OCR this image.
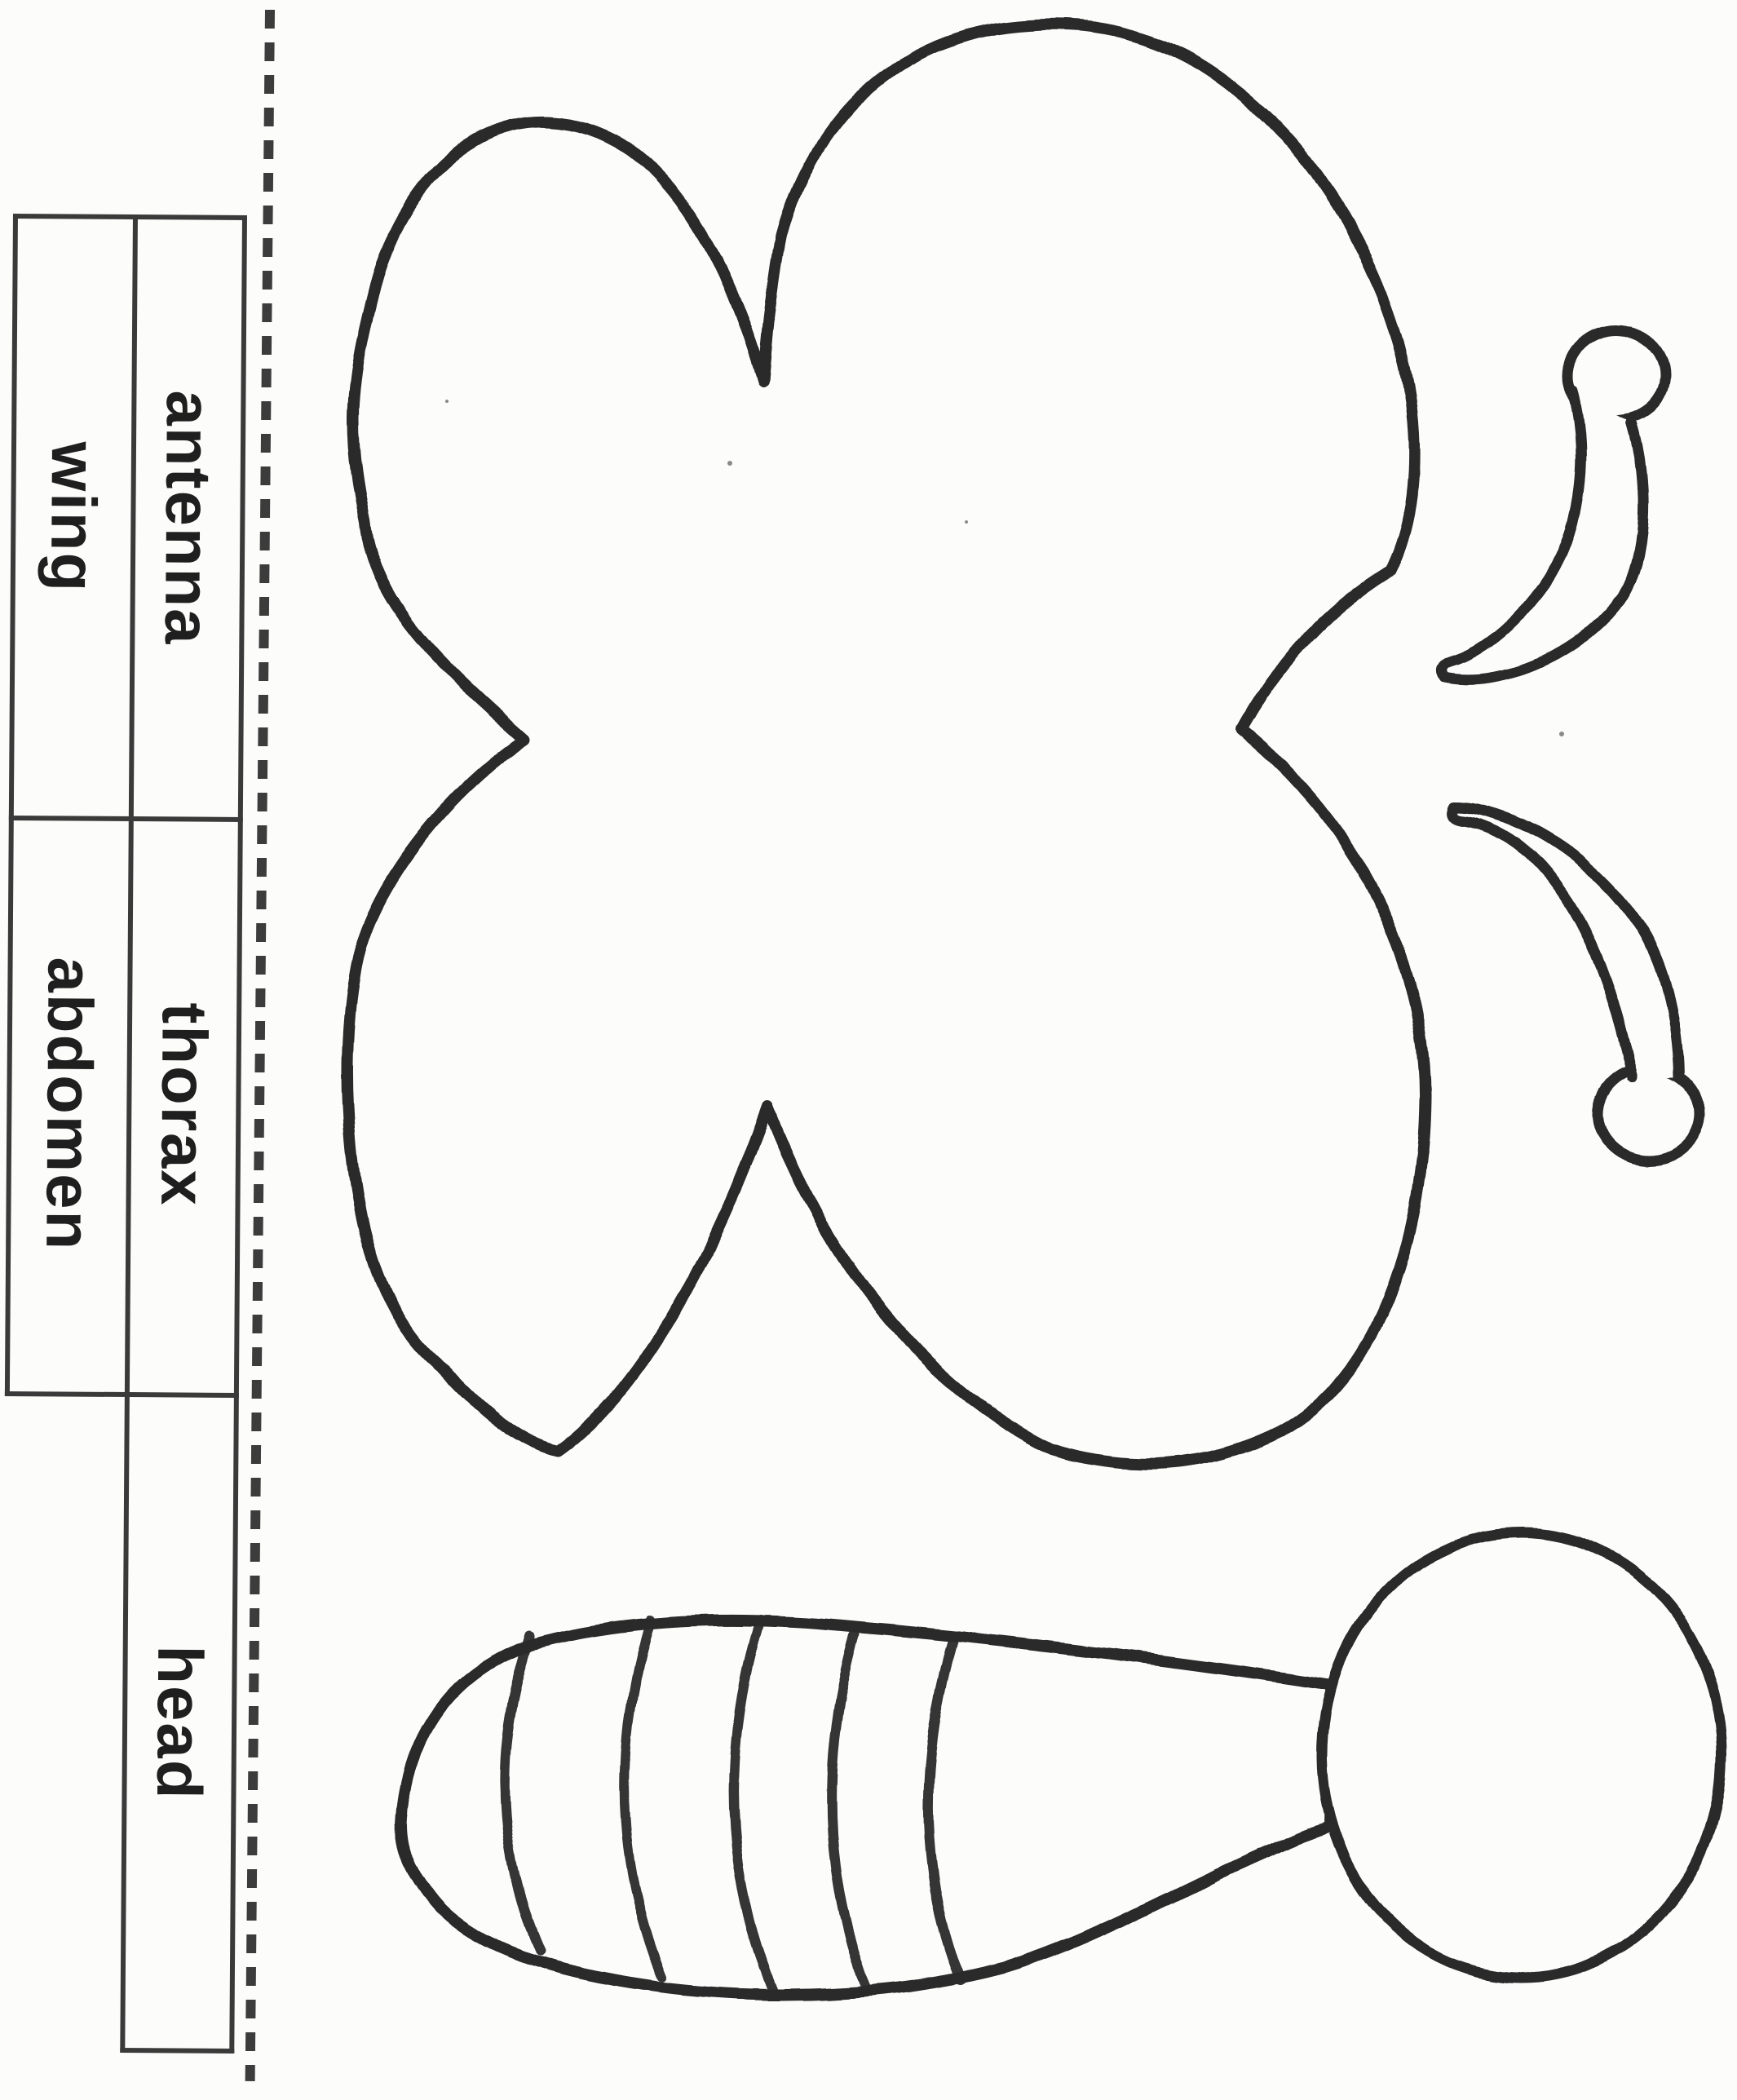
wing antenna
abdomen thorax
head
